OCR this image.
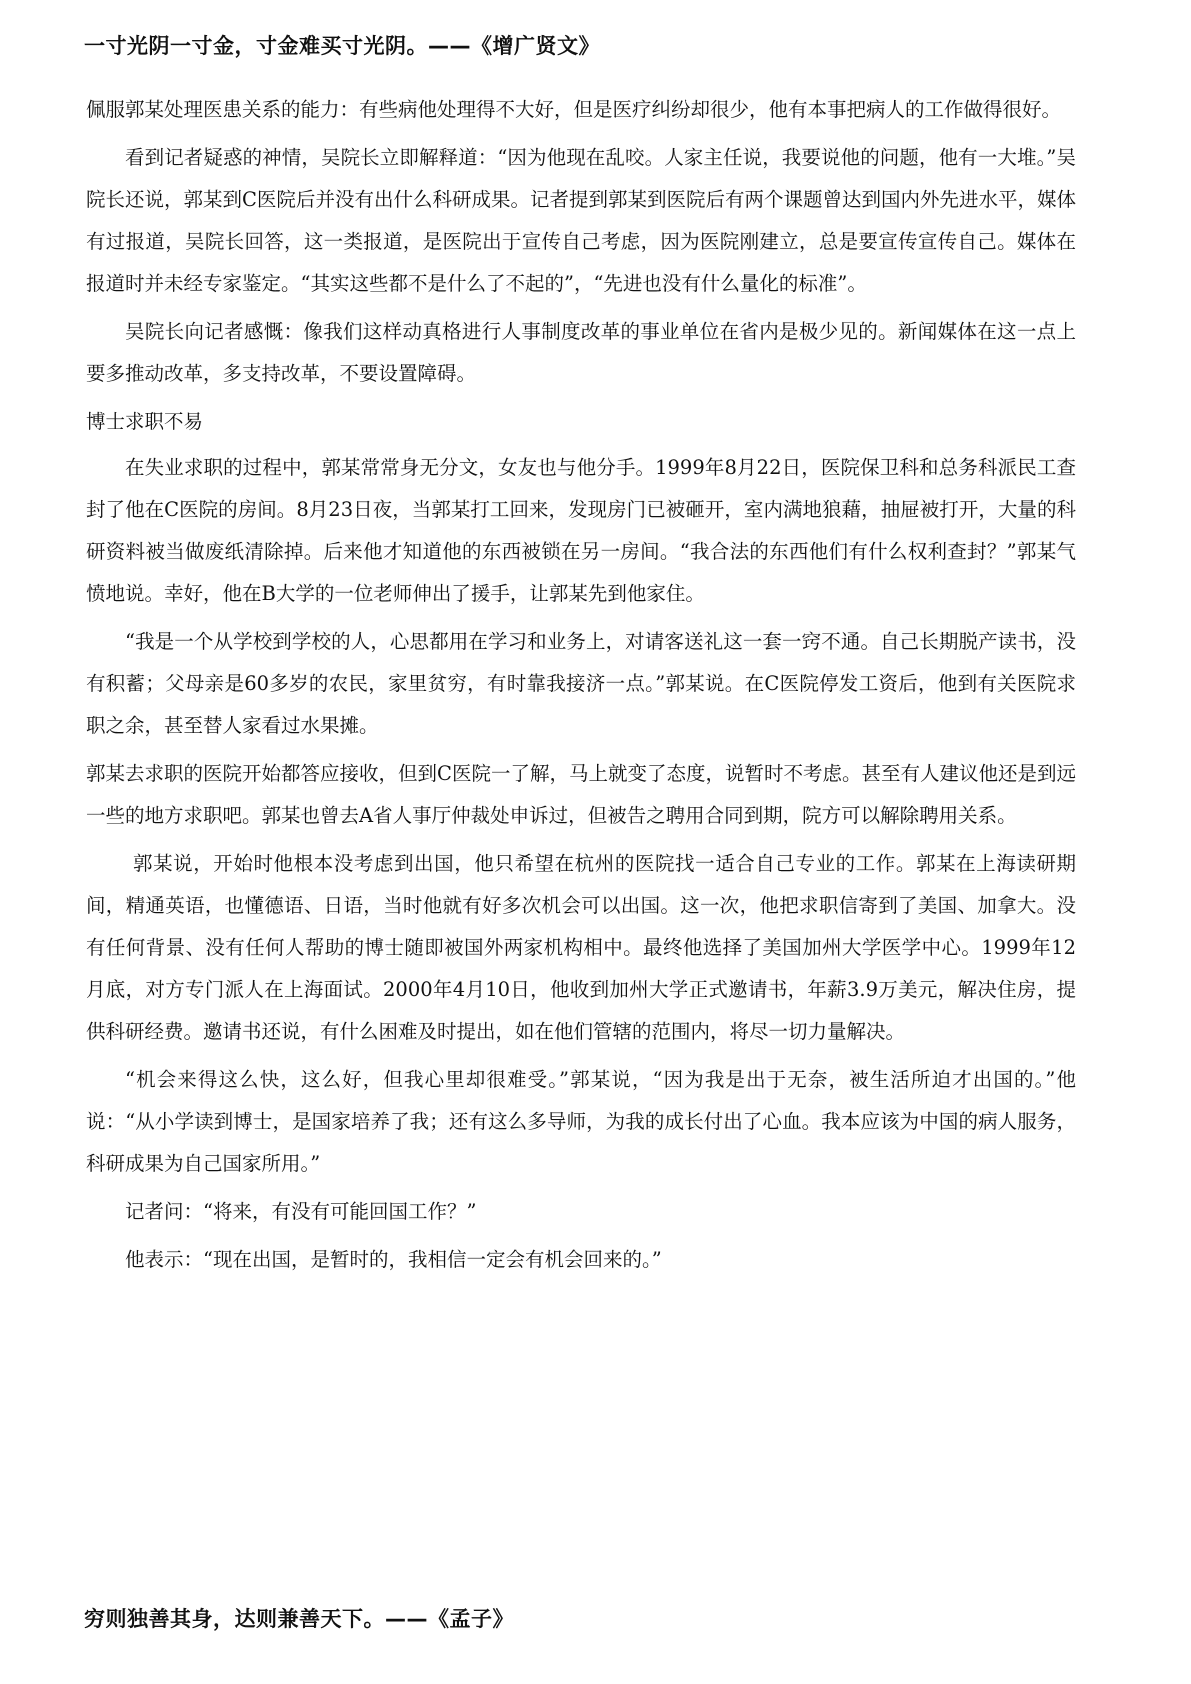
一寸光阴一寸金，寸金难买寸光阴。——《增广贤文》

佩服郭某处理医患关系的能力：有些病他处理得不大好，但是医疗纠纷却很少，他有本事把病人的工作做得很好。

看到记者疑惑的神情，吴院长立即解释道：“因为他现在乱咬。人家主任说，我要说他的问题，他有一大堆。”吴院长还说，郭某到C医院后并没有出什么科研成果。记者提到郭某到医院后有两个课题曾达到国内外先进水平，媒体有过报道，吴院长回答，这一类报道，是医院出于宣传自己考虑，因为医院刚建立，总是要宣传宣传自己。媒体在报道时并未经专家鉴定。“其实这些都不是什么了不起的”，“先进也没有什么量化的标准”。

吴院长向记者感慨：像我们这样动真格进行人事制度改革的事业单位在省内是极少见的。新闻媒体在这一点上要多推动改革，多支持改革，不要设置障碍。

博士求职不易

在失业求职的过程中，郭某常常身无分文，女友也与他分手。1999年8月22日，医院保卫科和总务科派民工查封了他在C医院的房间。8月23日夜，当郭某打工回来，发现房门已被砸开，室内满地狼藉，抽屉被打开，大量的科研资料被当做废纸清除掉。后来他才知道他的东西被锁在另一房间。“我合法的东西他们有什么权利查封？”郭某气愤地说。幸好，他在B大学的一位老师伸出了援手，让郭某先到他家住。

“我是一个从学校到学校的人，心思都用在学习和业务上，对请客送礼这一套一窍不通。自己长期脱产读书，没有积蓄；父母亲是60多岁的农民，家里贫穷，有时靠我接济一点。”郭某说。在C医院停发工资后，他到有关医院求职之余，甚至替人家看过水果摊。

郭某去求职的医院开始都答应接收，但到C医院一了解，马上就变了态度，说暂时不考虑。甚至有人建议他还是到远一些的地方求职吧。郭某也曾去A省人事厅仲裁处申诉过，但被告之聘用合同到期，院方可以解除聘用关系。

郭某说，开始时他根本没考虑到出国，他只希望在杭州的医院找一适合自己专业的工作。郭某在上海读研期间，精通英语，也懂德语、日语，当时他就有好多次机会可以出国。这一次，他把求职信寄到了美国、加拿大。没有任何背景、没有任何人帮助的博士随即被国外两家机构相中。最终他选择了美国加州大学医学中心。1999年12月底，对方专门派人在上海面试。2000年4月10日，他收到加州大学正式邀请书，年薪3.9万美元，解决住房，提供科研经费。邀请书还说，有什么困难及时提出，如在他们管辖的范围内，将尽一切力量解决。

“机会来得这么快，这么好，但我心里却很难受。”郭某说，“因为我是出于无奈，被生活所迫才出国的。”他说：“从小学读到博士，是国家培养了我；还有这么多导师，为我的成长付出了心血。我本应该为中国的病人服务，科研成果为自己国家所用。”

记者问：“将来，有没有可能回国工作？”

他表示：“现在出国，是暂时的，我相信一定会有机会回来的。”

穷则独善其身，达则兼善天下。——《孟子》
